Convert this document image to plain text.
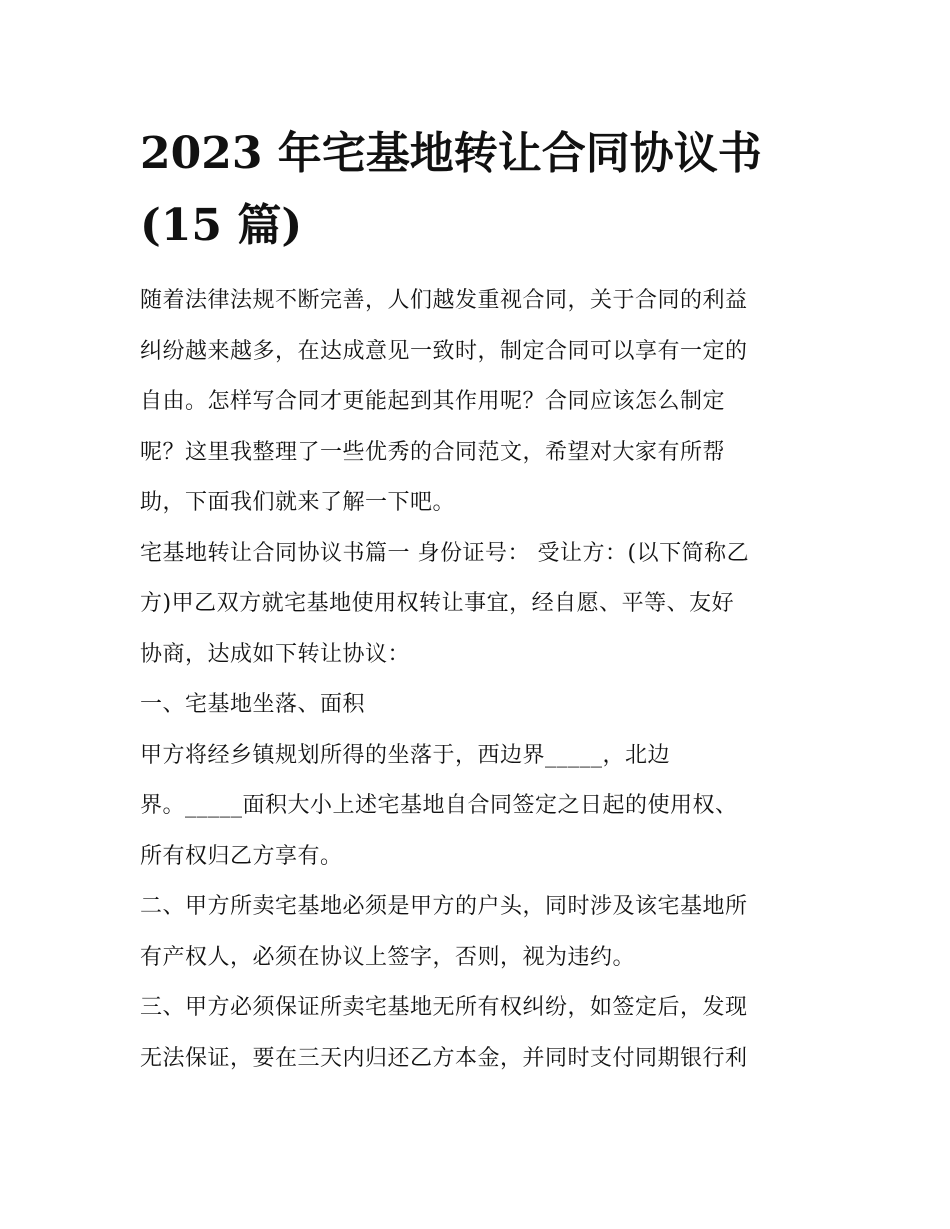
2023 年宅基地转让合同协议书
(15 篇)

随着法律法规不断完善，人们越发重视合同，关于合同的利益
纠纷越来越多，在达成意见一致时，制定合同可以享有一定的
自由。怎样写合同才更能起到其作用呢？合同应该怎么制定
呢？这里我整理了一些优秀的合同范文，希望对大家有所帮
助，下面我们就来了解一下吧。

宅基地转让合同协议书篇一 身份证号： 受让方：(以下简称乙
方)甲乙双方就宅基地使用权转让事宜，经自愿、平等、友好
协商，达成如下转让协议：

一、宅基地坐落、面积

甲方将经乡镇规划所得的坐落于，西边界_____，北边
界。_____面积大小上述宅基地自合同签定之日起的使用权、
所有权归乙方享有。

二、甲方所卖宅基地必须是甲方的户头，同时涉及该宅基地所
有产权人，必须在协议上签字，否则，视为违约。

三、甲方必须保证所卖宅基地无所有权纠纷，如签定后，发现
无法保证，要在三天内归还乙方本金，并同时支付同期银行利
